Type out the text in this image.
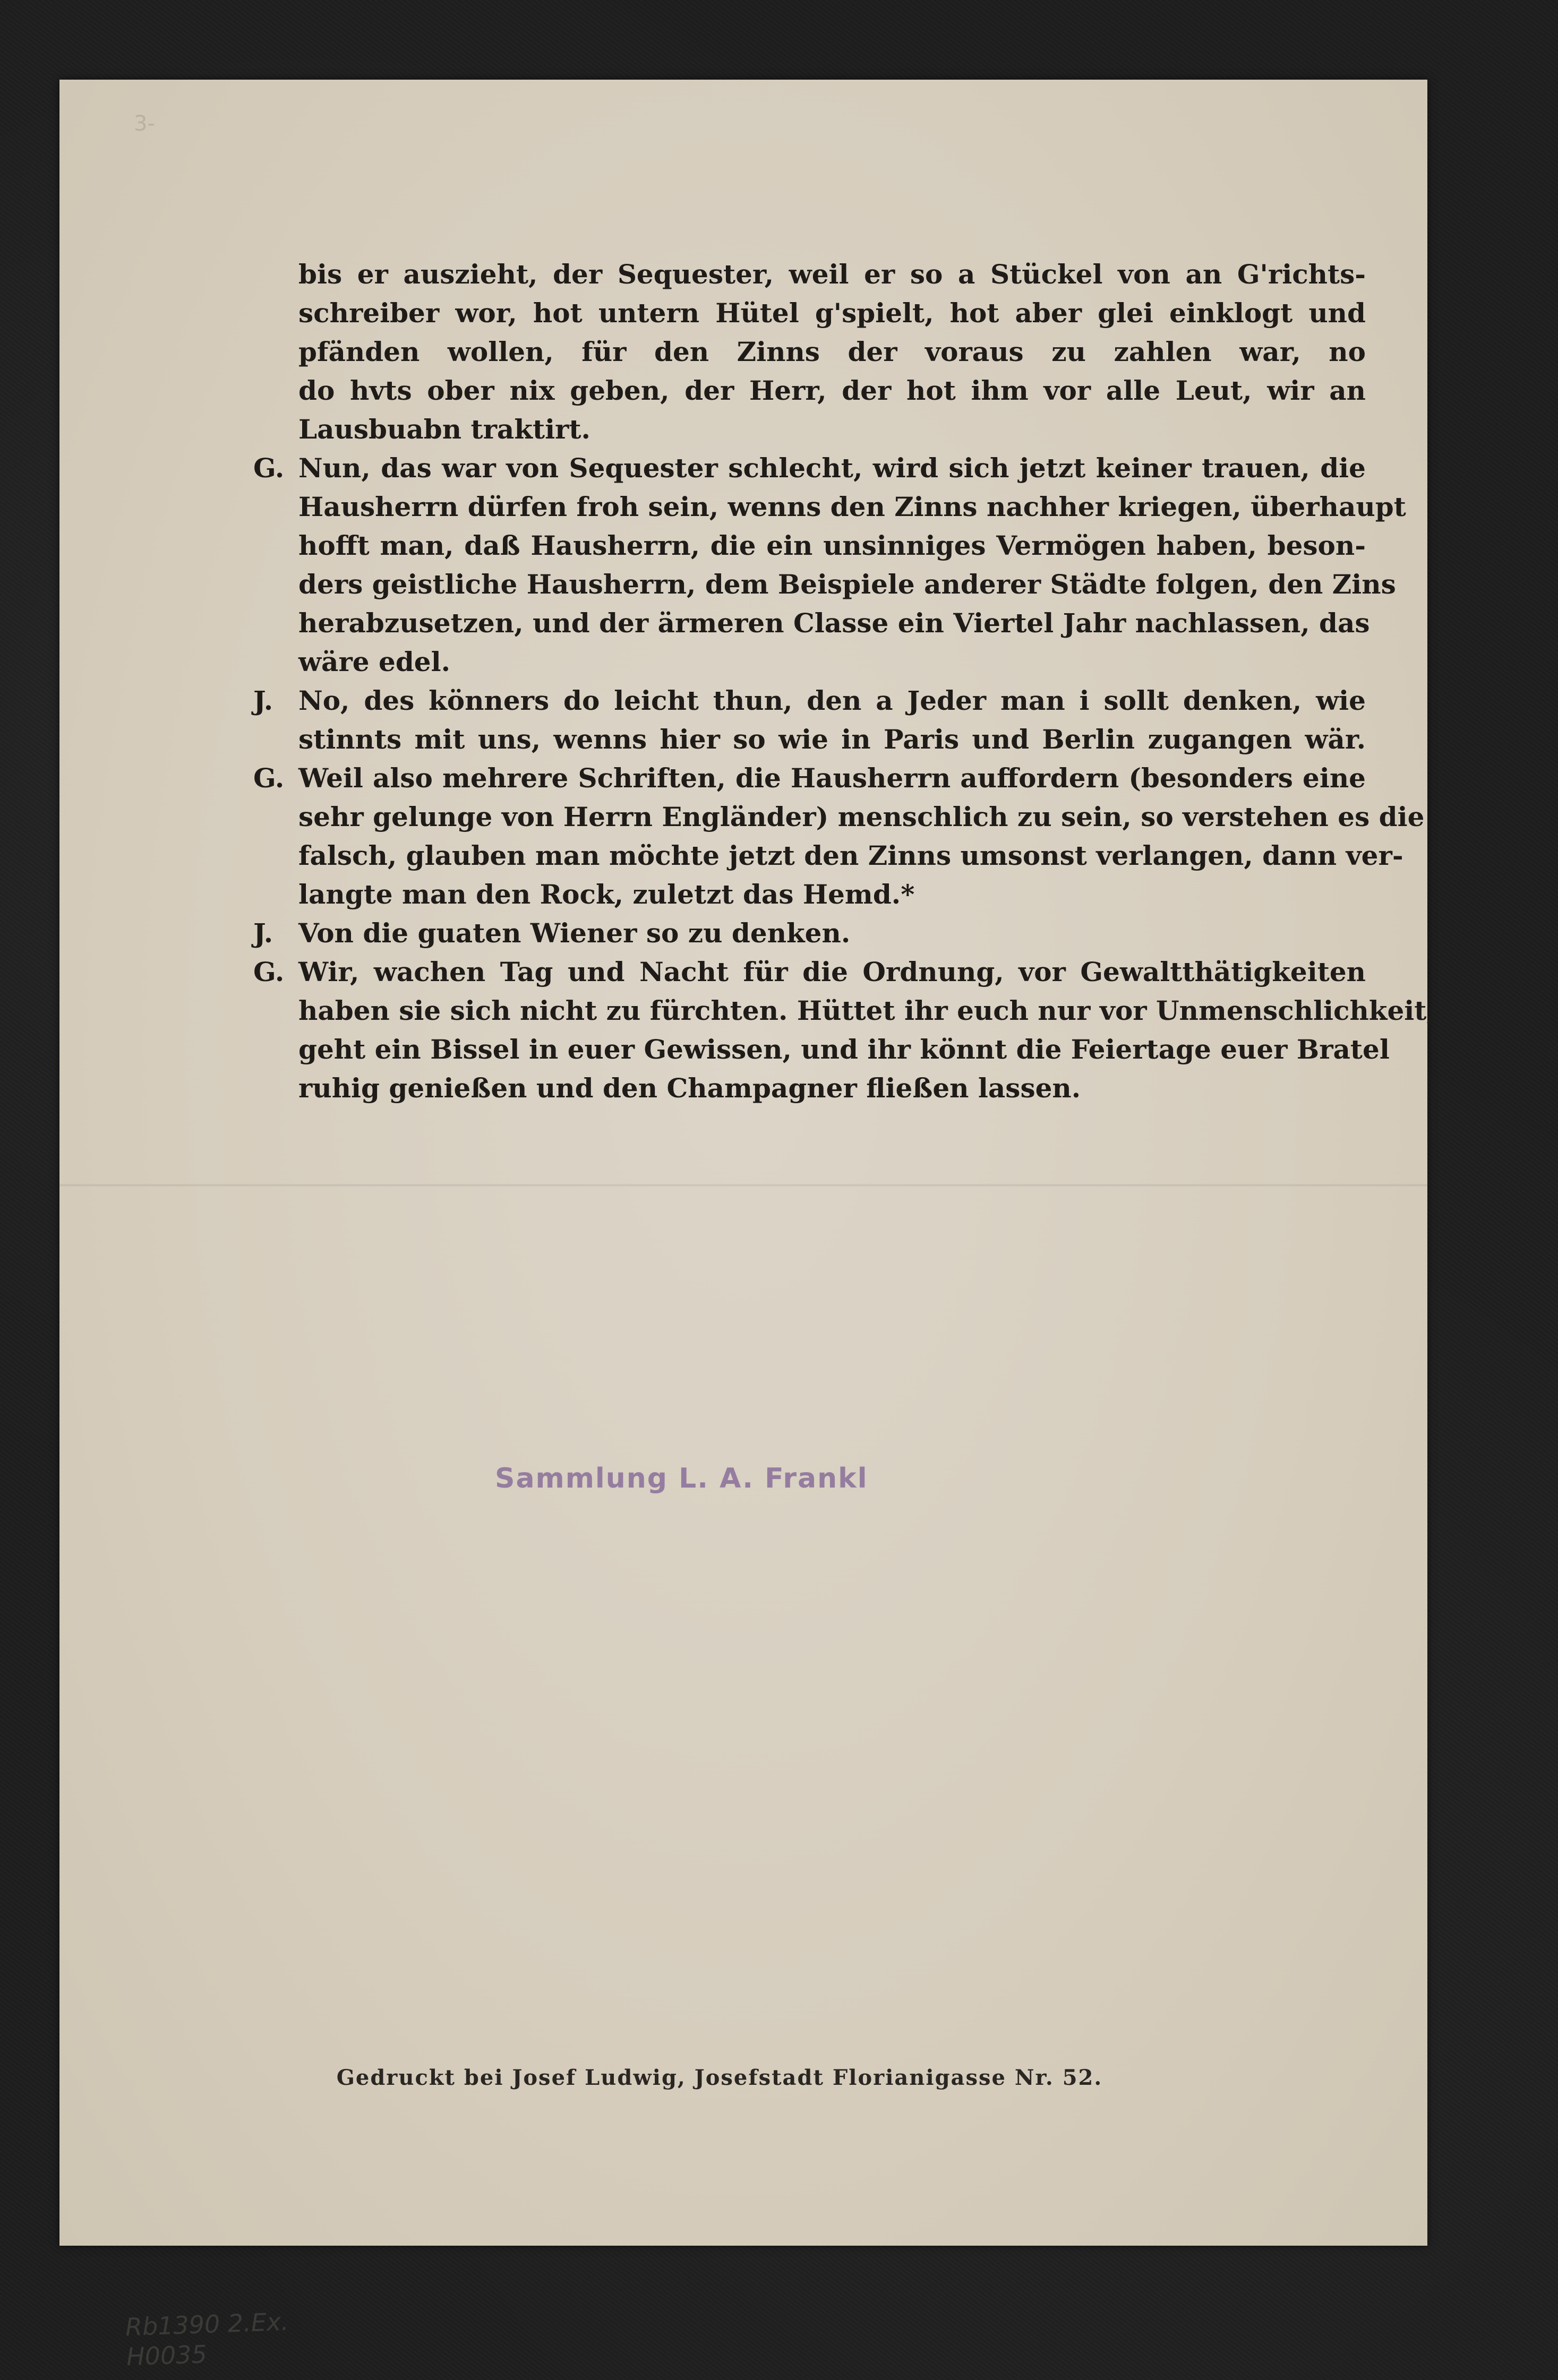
3-
bis er auszieht, der Sequester, weil er so a Stückel von an G'richts-
schreiber wor, hot untern Hütel g'spielt, hot aber glei einklogt und
pfänden wollen, für den Zinns der voraus zu zahlen war, no
do hvts ober nix geben, der Herr, der hot ihm vor alle Leut, wir an
Lausbuabn traktirt.
G. Nun, das war von Sequester schlecht, wird sich jetzt keiner trauen, die
Hausherrn dürfen froh sein, wenns den Zinns nachher kriegen, überhaupt
hofft man, daß Hausherrn, die ein unsinniges Vermögen haben, beson-
ders geistliche Hausherrn, dem Beispiele anderer Städte folgen, den Zins
herabzusetzen, und der ärmeren Classe ein Viertel Jahr nachlassen, das
wäre edel.
J. No, des könners do leicht thun, den a Jeder man i sollt denken, wie
stinnts mit uns, wenns hier so wie in Paris und Berlin zugangen wär.
G. Weil also mehrere Schriften, die Hausherrn auffordern (besonders eine
sehr gelunge von Herrn Engländer) menschlich zu sein, so verstehen es die
falsch, glauben man möchte jetzt den Zinns umsonst verlangen, dann ver-
langte man den Rock, zuletzt das Hemd.*
J. Von die guaten Wiener so zu denken.
G. Wir, wachen Tag und Nacht für die Ordnung, vor Gewaltthätigkeiten
haben sie sich nicht zu fürchten. Hüttet ihr euch nur vor Unmenschlichkeit,
geht ein Bissel in euer Gewissen, und ihr könnt die Feiertage euer Bratel
ruhig genießen und den Champagner fließen lassen.
Sammlung L. A. Frankl
Gedruckt bei Josef Ludwig, Josefstadt Florianigasse Nr. 52.
Rb1390 2.Ex.
H0035
